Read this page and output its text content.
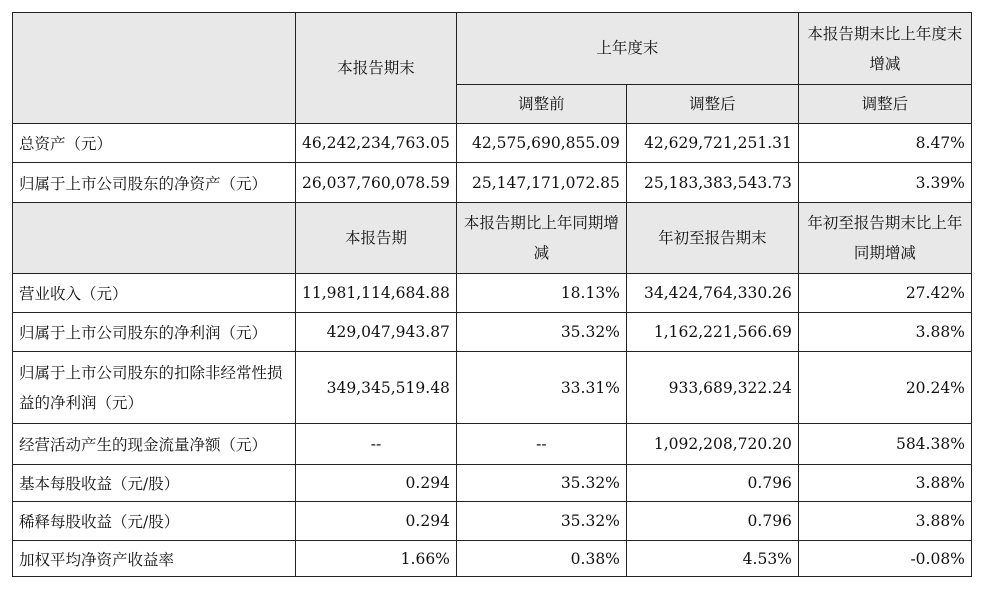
	本报告期末	上年度末		本报告期末比上年度末增减
		调整前	调整后	调整后
总资产（元）	46,242,234,763.05	42,575,690,855.09	42,629,721,251.31	8.47%
归属于上市公司股东的净资产（元）	26,037,760,078.59	25,147,171,072.85	25,183,383,543.73	3.39%
	本报告期	本报告期比上年同期增减	年初至报告期末	年初至报告期末比上年同期增减
营业收入（元）	11,981,114,684.88	18.13%	34,424,764,330.26	27.42%
归属于上市公司股东的净利润（元）	429,047,943.87	35.32%	1,162,221,566.69	3.88%
归属于上市公司股东的扣除非经常性损益的净利润（元）	349,345,519.48	33.31%	933,689,322.24	20.24%
经营活动产生的现金流量净额（元）	--	--	1,092,208,720.20	584.38%
基本每股收益（元/股）	0.294	35.32%	0.796	3.88%
稀释每股收益（元/股）	0.294	35.32%	0.796	3.88%
加权平均净资产收益率	1.66%	0.38%	4.53%	-0.08%
